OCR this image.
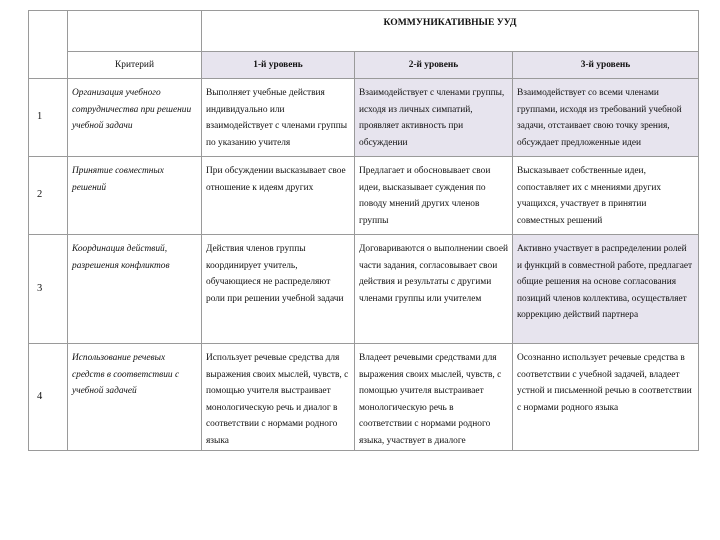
		КОММУНИКАТИВНЫЕ УУД		
	Критерий	1-й уровень	2-й уровень	3-й уровень
1	Организация учебного сотрудничества при решении учебной задачи	Выполняет учебные действия индивидуально или взаимодействует с членами группы по указанию учителя	Взаимодействует с членами группы, исходя из личных симпатий, проявляет активность при обсуждении	Взаимодействует со всеми членами группами, исходя из требований учебной задачи, отстаивает свою точку зрения, обсуждает предложенные идеи

2	Принятие совместных решений	При обсуждении высказывает свое отношение к идеям других	Предлагает и обосновывает свои идеи, высказывает суждения по поводу мнений других членов группы	Высказывает собственные идеи, сопоставляет их с мнениями других учащихся, участвует в принятии совместных решений

3	Координация действий, разрешения конфликтов	Действия членов группы координирует учитель, обучающиеся не распределяют роли при решении учебной задачи	Договариваются о выполнении своей части задания, согласовывает свои действия и результаты с другими членами группы или учителем	Активно участвует в распределении ролей и функций в совместной работе, предлагает общие решения на основе согласования позиций членов коллектива, осуществляет коррекцию действий партнера

4	Использование речевых средств в соответствии с учебной задачей	Использует речевые средства для выражения своих мыслей, чувств, с помощью учителя выстраивает монологическую речь и диалог в соответствии с нормами родного языка	Владеет речевыми средствами для выражения своих мыслей, чувств, с помощью учителя выстраивает монологическую речь в соответствии с нормами родного языка, участвует в диалоге	Осознанно использует речевые средства в соответствии с учебной задачей, владеет устной и письменной речью в соответствии с нормами родного языка
